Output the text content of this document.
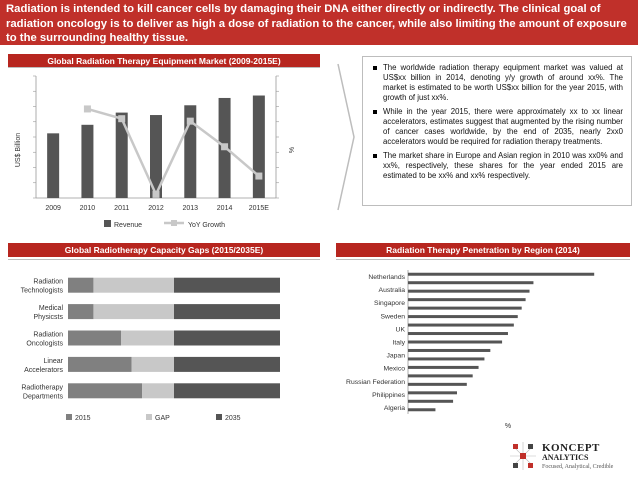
Radiation is intended to kill cancer cells by damaging their DNA either directly or indirectly. The clinical goal of radiation oncology is to deliver as high a dose of radiation to the cancer, while also limiting the amount of exposure to the surrounding healthy tissue.
Global Radiation Therapy Equipment Market (2009-2015E)
US$ Billion	%
2009	2010	2011	2012	2013	2014 2015E
Revenue	YoY Growth
The worldwide radiation therapy equipment market was valued at US$xx billion in 2014, denoting y/y growth of around xx%. The market is estimated to be worth US$xx billion for the year 2015, with growth of just xx%.
While in the year 2015, there were approximately xx to xx linear accelerators, estimates suggest that augmented by the rising number of cancer cases worldwide, by the end of 2035, nearly 2xx0 accelerators would be required for radiation therapy treatments.
The market share in Europe and Asian region in 2010 was xx0% and xx%, respectively, these shares for the year ended 2015 are estimated to be xx% and xx% respectively.
Global Radiotherapy Capacity Gaps (2015/2035E)
Radiation
Technologists
Medical
Physicsts
Radiation
Oncologists
Linear
Accelerators
Radiotherapy
Departments
2015	GAP	2035
Radiation Therapy Penetration by Region (2014)
Netherlands
Australia
Singapore
Sweden
UK
Italy
Japan
Mexico
Russian Federation
Philippines
Algeria
%
KONCEPT
ANALYTICS
Focused, Analytical, Credible
